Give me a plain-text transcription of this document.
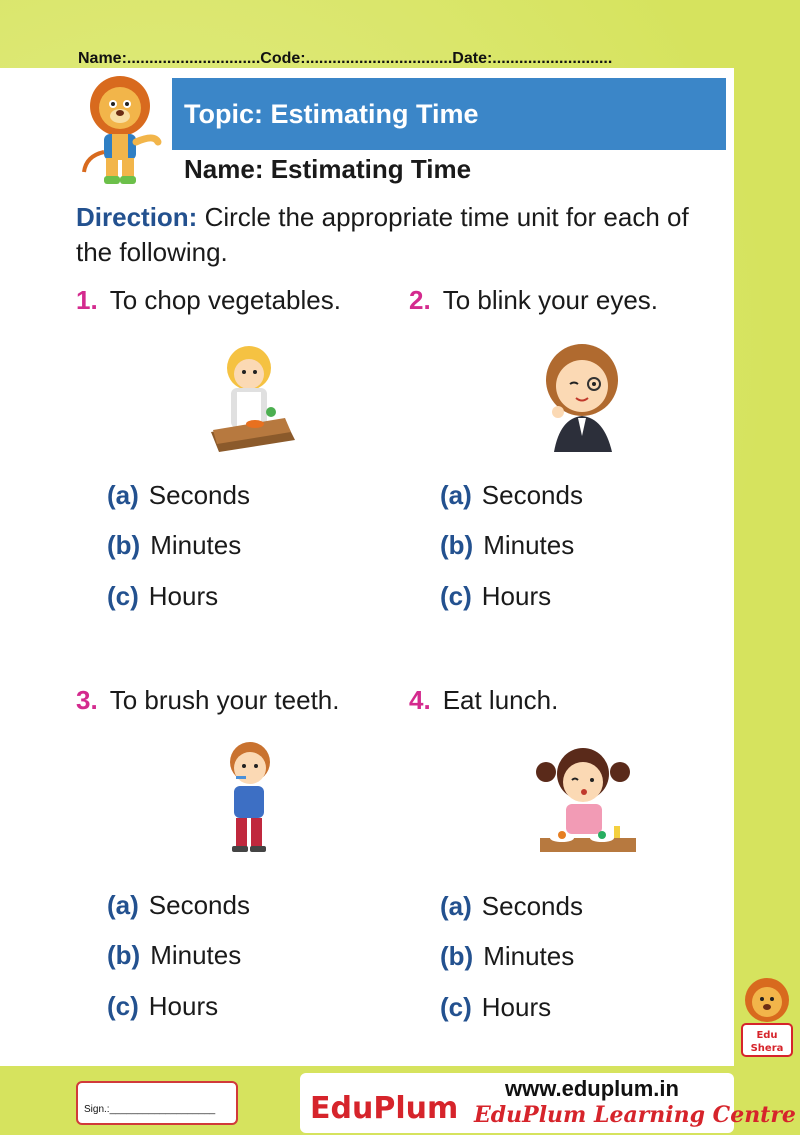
Name:..............................Code:.................................Date:...........................
Topic: Estimating Time
Name: Estimating Time
Direction: Circle the appropriate time unit for each of the following.
1. To chop vegetables.
(a) Seconds
(b) Minutes
(c) Hours
2. To blink your eyes.
(a) Seconds
(b) Minutes
(c) Hours
3. To brush your teeth.
(a) Seconds
(b) Minutes
(c) Hours
4. Eat lunch.
(a) Seconds
(b) Minutes
(c) Hours
Edu
Shera
Sign.:___________________	EduPlum
www.eduplum.in
EduPlum Learning Centre
